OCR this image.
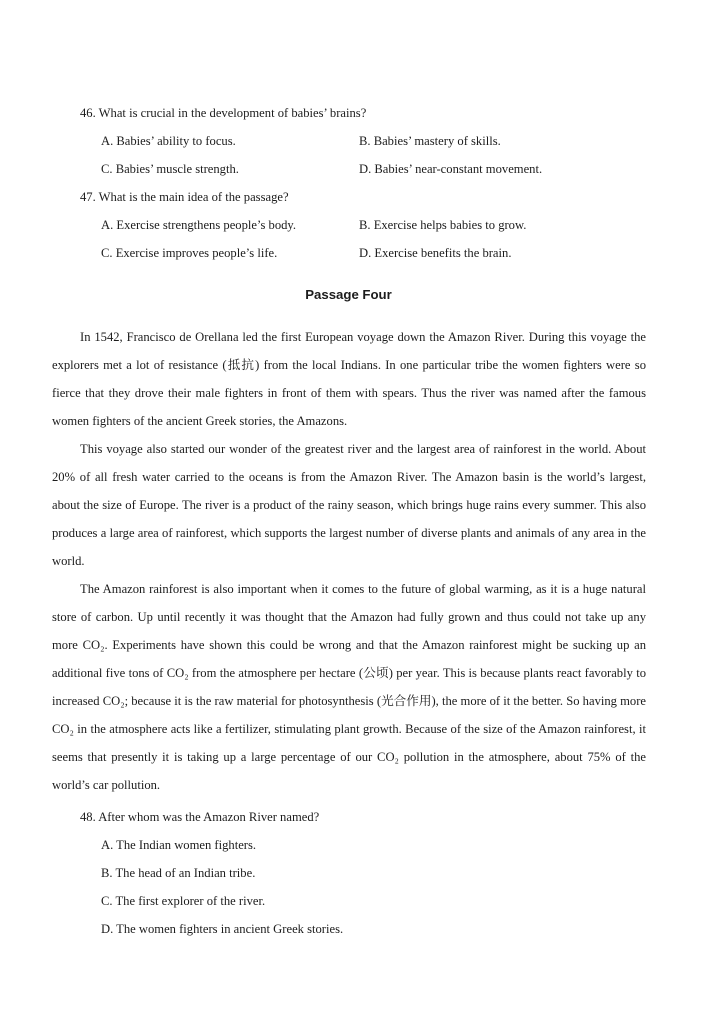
46. What is crucial in the development of babies’ brains?
A. Babies’ ability to focus.	B. Babies’ mastery of skills.
C. Babies’ muscle strength.	D. Babies’ near-constant movement.
47. What is the main idea of the passage?
A. Exercise strengthens people’s body.	B. Exercise helps babies to grow.
C. Exercise improves people’s life.	D. Exercise benefits the brain.
Passage Four

In 1542, Francisco de Orellana led the first European voyage down the Amazon River. During this voyage the explorers met a lot of resistance (抵抗) from the local Indians. In one particular tribe the women fighters were so fierce that they drove their male fighters in front of them with spears. Thus the river was named after the famous women fighters of the ancient Greek stories, the Amazons.

This voyage also started our wonder of the greatest river and the largest area of rainforest in the world. About 20% of all fresh water carried to the oceans is from the Amazon River. The Amazon basin is the world’s largest, about the size of Europe. The river is a product of the rainy season, which brings huge rains every summer. This also produces a large area of rainforest, which supports the largest number of diverse plants and animals of any area in the world.

The Amazon rainforest is also important when it comes to the future of global warming, as it is a huge natural store of carbon. Up until recently it was thought that the Amazon had fully grown and thus could not take up any more CO₂. Experiments have shown this could be wrong and that the Amazon rainforest might be sucking up an additional five tons of CO₂ from the atmosphere per hectare (公顷) per year. This is because plants react favorably to increased CO₂; because it is the raw material for photosynthesis (光合作用), the more of it the better. So having more CO₂ in the atmosphere acts like a fertilizer, stimulating plant growth. Because of the size of the Amazon rainforest, it seems that presently it is taking up a large percentage of our CO₂ pollution in the atmosphere, about 75% of the world’s car pollution.

48. After whom was the Amazon River named?
A. The Indian women fighters.
B. The head of an Indian tribe.
C. The first explorer of the river.
D. The women fighters in ancient Greek stories.
